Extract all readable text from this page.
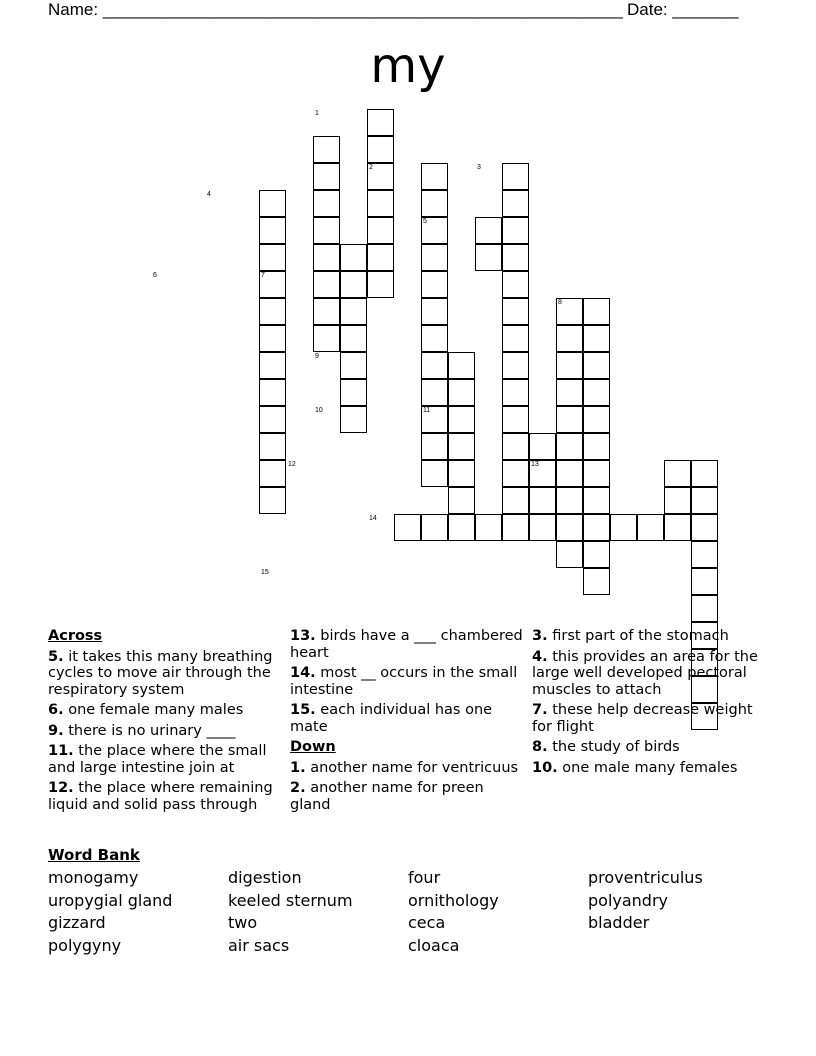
Name: _______________________________________________________ Date: _______
my
1
2	3
4
5
6	7
8
9
10	11
12	13
14
15
Across
5. it takes this many breathing cycles to move air through the respiratory system
6. one female many males
9. there is no urinary ____
11. the place where the small and large intestine join at
12. the place where remaining liquid and solid pass through
13. birds have a ___ chambered heart
14. most __ occurs in the small intestine
15. each individual has one mate
Down
1. another name for ventricuus
2. another name for preen gland
3. first part of the stomach
4. this provides an area for the large well developed pectoral muscles to attach
7. these help decrease weight for flight
8. the study of birds
10. one male many females
Word Bank
monogamy	digestion	four	proventriculus
uropygial gland	keeled sternum	ornithology	polyandry
gizzard	two	ceca	bladder
polygyny	air sacs	cloaca
